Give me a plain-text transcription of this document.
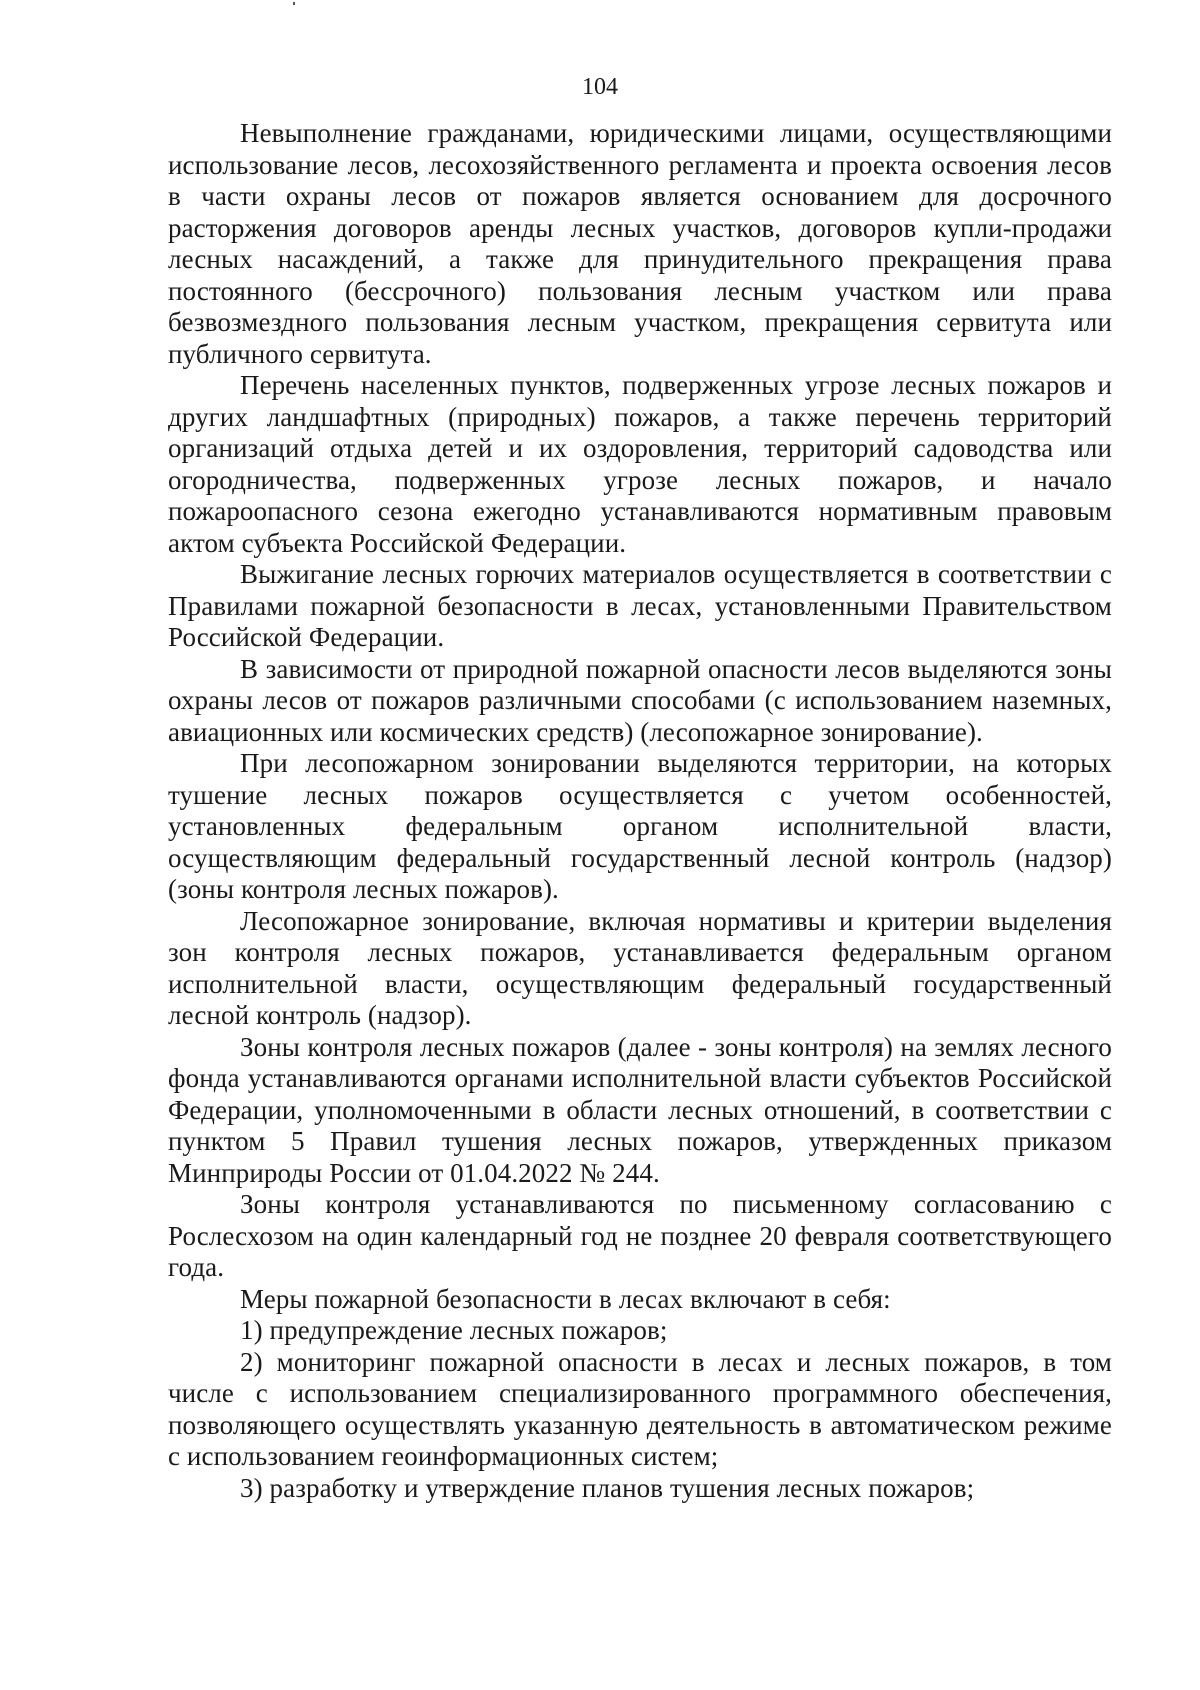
104

Невыполнение гражданами, юридическими лицами, осуществляющими использование лесов, лесохозяйственного регламента и проекта освоения лесов в части охраны лесов от пожаров является основанием для досрочного расторжения договоров аренды лесных участков, договоров купли-продажи лесных насаждений, а также для принудительного прекращения права постоянного (бессрочного) пользования лесным участком или права безвозмездного пользования лесным участком, прекращения сервитута или публичного сервитута.

Перечень населенных пунктов, подверженных угрозе лесных пожаров и других ландшафтных (природных) пожаров, а также перечень территорий организаций отдыха детей и их оздоровления, территорий садоводства или огородничества, подверженных угрозе лесных пожаров, и начало пожароопасного сезона ежегодно устанавливаются нормативным правовым актом субъекта Российской Федерации.

Выжигание лесных горючих материалов осуществляется в соответствии с Правилами пожарной безопасности в лесах, установленными Правительством Российской Федерации.

В зависимости от природной пожарной опасности лесов выделяются зоны охраны лесов от пожаров различными способами (с использованием наземных, авиационных или космических средств) (лесопожарное зонирование).

При лесопожарном зонировании выделяются территории, на которых тушение лесных пожаров осуществляется с учетом особенностей, установленных федеральным органом исполнительной власти, осуществляющим федеральный государственный лесной контроль (надзор) (зоны контроля лесных пожаров).

Лесопожарное зонирование, включая нормативы и критерии выделения зон контроля лесных пожаров, устанавливается федеральным органом исполнительной власти, осуществляющим федеральный государственный лесной контроль (надзор).

Зоны контроля лесных пожаров (далее - зоны контроля) на землях лесного фонда устанавливаются органами исполнительной власти субъектов Российской Федерации, уполномоченными в области лесных отношений, в соответствии с пунктом 5 Правил тушения лесных пожаров, утвержденных приказом Минприроды России от 01.04.2022 № 244.

Зоны контроля устанавливаются по письменному согласованию с Рослесхозом на один календарный год не позднее 20 февраля соответствующего года.

Меры пожарной безопасности в лесах включают в себя:

1) предупреждение лесных пожаров;

2) мониторинг пожарной опасности в лесах и лесных пожаров, в том числе с использованием специализированного программного обеспечения, позволяющего осуществлять указанную деятельность в автоматическом режиме с использованием геоинформационных систем;

3) разработку и утверждение планов тушения лесных пожаров;
